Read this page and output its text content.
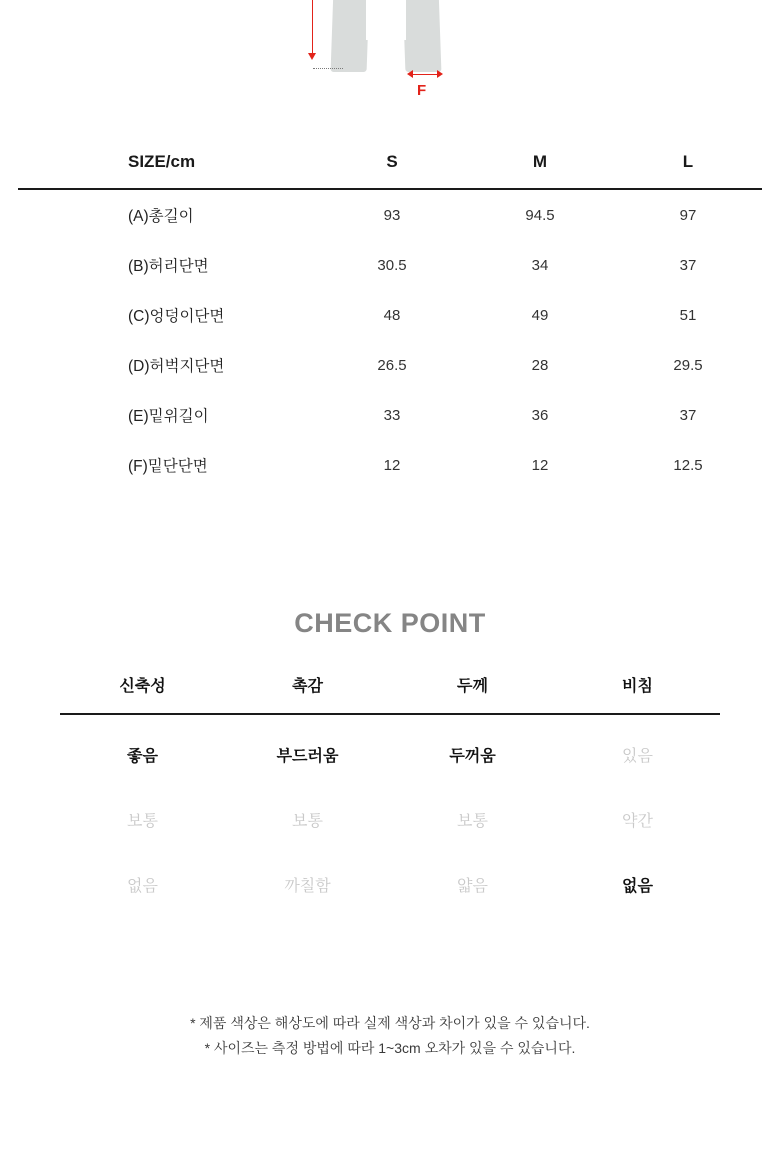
F
SIZE/cm	S	M	L
(A)총길이	93	94.5	97
(B)허리단면	30.5	34	37
(C)엉덩이단면	48	49	51
(D)허벅지단면	26.5	28	29.5
(E)밑위길이	33	36	37
(F)밑단단면	12	12	12.5
CHECK POINT
신축성	촉감	두께	비침
좋음	부드러움	두꺼움	있음
보통	보통	보통	약간
없음	까칠함	얇음	없음
* 제품 색상은 해상도에 따라 실제 색상과 차이가 있을 수 있습니다.
* 사이즈는 측정 방법에 따라 1~3cm 오차가 있을 수 있습니다.
